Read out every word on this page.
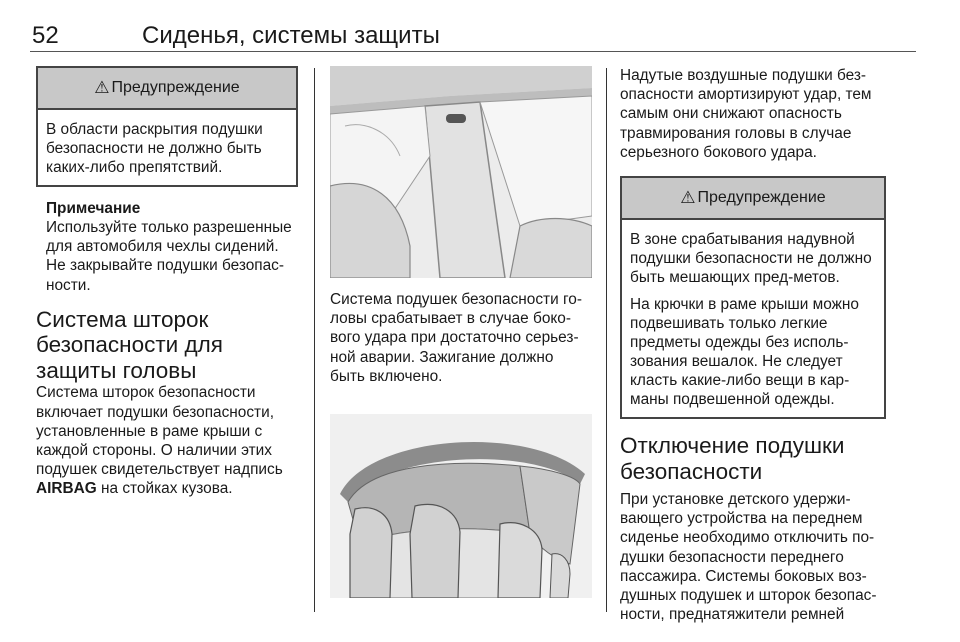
52	Сиденья, системы защиты
⚠ Предупреждение

В области раскрытия подушки безопасности не должно быть каких-либо препятствий.

Примечание

Используйте только разрешенные для автомобиля чехлы сидений. Не закрывайте подушки безопас-ности.

Система шторок безопасности для защиты головы

Система шторок безопасности включает подушки безопасности, установленные в раме крыши с каждой стороны. О наличии этих подушек свидетельствует надпись AIRBAG на стойках кузова.

Система подушек безопасности го-ловы срабатывает в случае боко-вого удара при достаточно серьез-ной аварии. Зажигание должно быть включено.

Надутые воздушные подушки без-опасности амортизируют удар, тем самым они снижают опасность травмирования головы в случае серьезного бокового удара.

⚠ Предупреждение

В зоне срабатывания надувной подушки безопасности не должно быть мешающих пред-метов.

На крючки в раме крыши можно подвешивать только легкие предметы одежды без исполь-зования вешалок. Не следует класть какие-либо вещи в кар-маны подвешенной одежды.

Отключение подушки безопасности

При установке детского удержи-вающего устройства на переднем сиденье необходимо отключить по-душки безопасности переднего пассажира. Системы боковых воз-душных подушек и шторок безопас-ности, преднатяжители ремней
